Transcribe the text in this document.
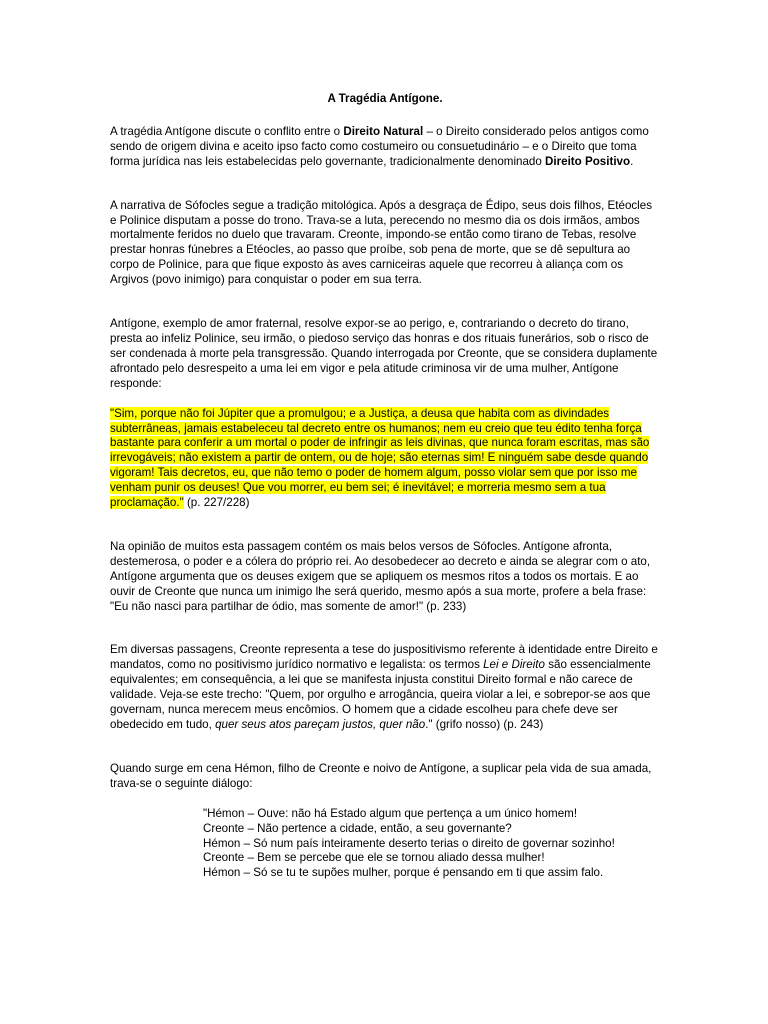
A Tragédia Antígone.

A tragédia Antígone discute o conflito entre o Direito Natural – o Direito considerado pelos antigos como sendo de origem divina e aceito ipso facto como costumeiro ou consuetudinário – e o Direito que toma forma jurídica nas leis estabelecidas pelo governante, tradicionalmente denominado Direito Positivo.

A narrativa de Sófocles segue a tradição mitológica. Após a desgraça de Édipo, seus dois filhos, Etéocles e Polinice disputam a posse do trono. Trava-se a luta, perecendo no mesmo dia os dois irmãos, ambos mortalmente feridos no duelo que travaram. Creonte, impondo-se então como tirano de Tebas, resolve prestar honras fúnebres a Etéocles, ao passo que proíbe, sob pena de morte, que se dê sepultura ao corpo de Polinice, para que fique exposto às aves carniceiras aquele que recorreu à aliança com os Argivos (povo inimigo) para conquistar o poder em sua terra.

Antígone, exemplo de amor fraternal, resolve expor-se ao perigo, e, contrariando o decreto do tirano, presta ao infeliz Polinice, seu irmão, o piedoso serviço das honras e dos rituais funerários, sob o risco de ser condenada à morte pela transgressão. Quando interrogada por Creonte, que se considera duplamente afrontado pelo desrespeito a uma lei em vigor e pela atitude criminosa vir de uma mulher, Antígone responde:

"Sim, porque não foi Júpiter que a promulgou; e a Justiça, a deusa que habita com as divindades subterrâneas, jamais estabeleceu tal decreto entre os humanos; nem eu creio que teu édito tenha força bastante para conferir a um mortal o poder de infringir as leis divinas, que nunca foram escritas, mas são irrevogáveis; não existem a partir de ontem, ou de hoje; são eternas sim! E ninguém sabe desde quando vigoram! Tais decretos, eu, que não temo o poder de homem algum, posso violar sem que por isso me venham punir os deuses! Que vou morrer, eu bem sei; é inevitável; e morreria mesmo sem a tua proclamação." (p. 227/228)

Na opinião de muitos esta passagem contém os mais belos versos de Sófocles. Antígone afronta, destemerosa, o poder e a cólera do próprio rei. Ao desobedecer ao decreto e ainda se alegrar com o ato, Antígone argumenta que os deuses exigem que se apliquem os mesmos ritos a todos os mortais. E ao ouvir de Creonte que nunca um inimigo lhe será querido, mesmo após a sua morte, profere a bela frase: "Eu não nasci para partilhar de ódio, mas somente de amor!" (p. 233)

Em diversas passagens, Creonte representa a tese do juspositivismo referente à identidade entre Direito e mandatos, como no positivismo jurídico normativo e legalista: os termos Lei e Direito são essencialmente equivalentes; em consequência, a lei que se manifesta injusta constitui Direito formal e não carece de validade. Veja-se este trecho: "Quem, por orgulho e arrogância, queira violar a lei, e sobrepor-se aos que governam, nunca merecem meus encômios. O homem que a cidade escolheu para chefe deve ser obedecido em tudo, quer seus atos pareçam justos, quer não." (grifo nosso) (p. 243)

Quando surge em cena Hémon, filho de Creonte e noivo de Antígone, a suplicar pela vida de sua amada, trava-se o seguinte diálogo:

"Hémon – Ouve: não há Estado algum que pertença a um único homem!
Creonte – Não pertence a cidade, então, a seu governante?
Hémon – Só num país inteiramente deserto terias o direito de governar sozinho!
Creonte – Bem se percebe que ele se tornou aliado dessa mulher!
Hémon – Só se tu te supões mulher, porque é pensando em ti que assim falo.
